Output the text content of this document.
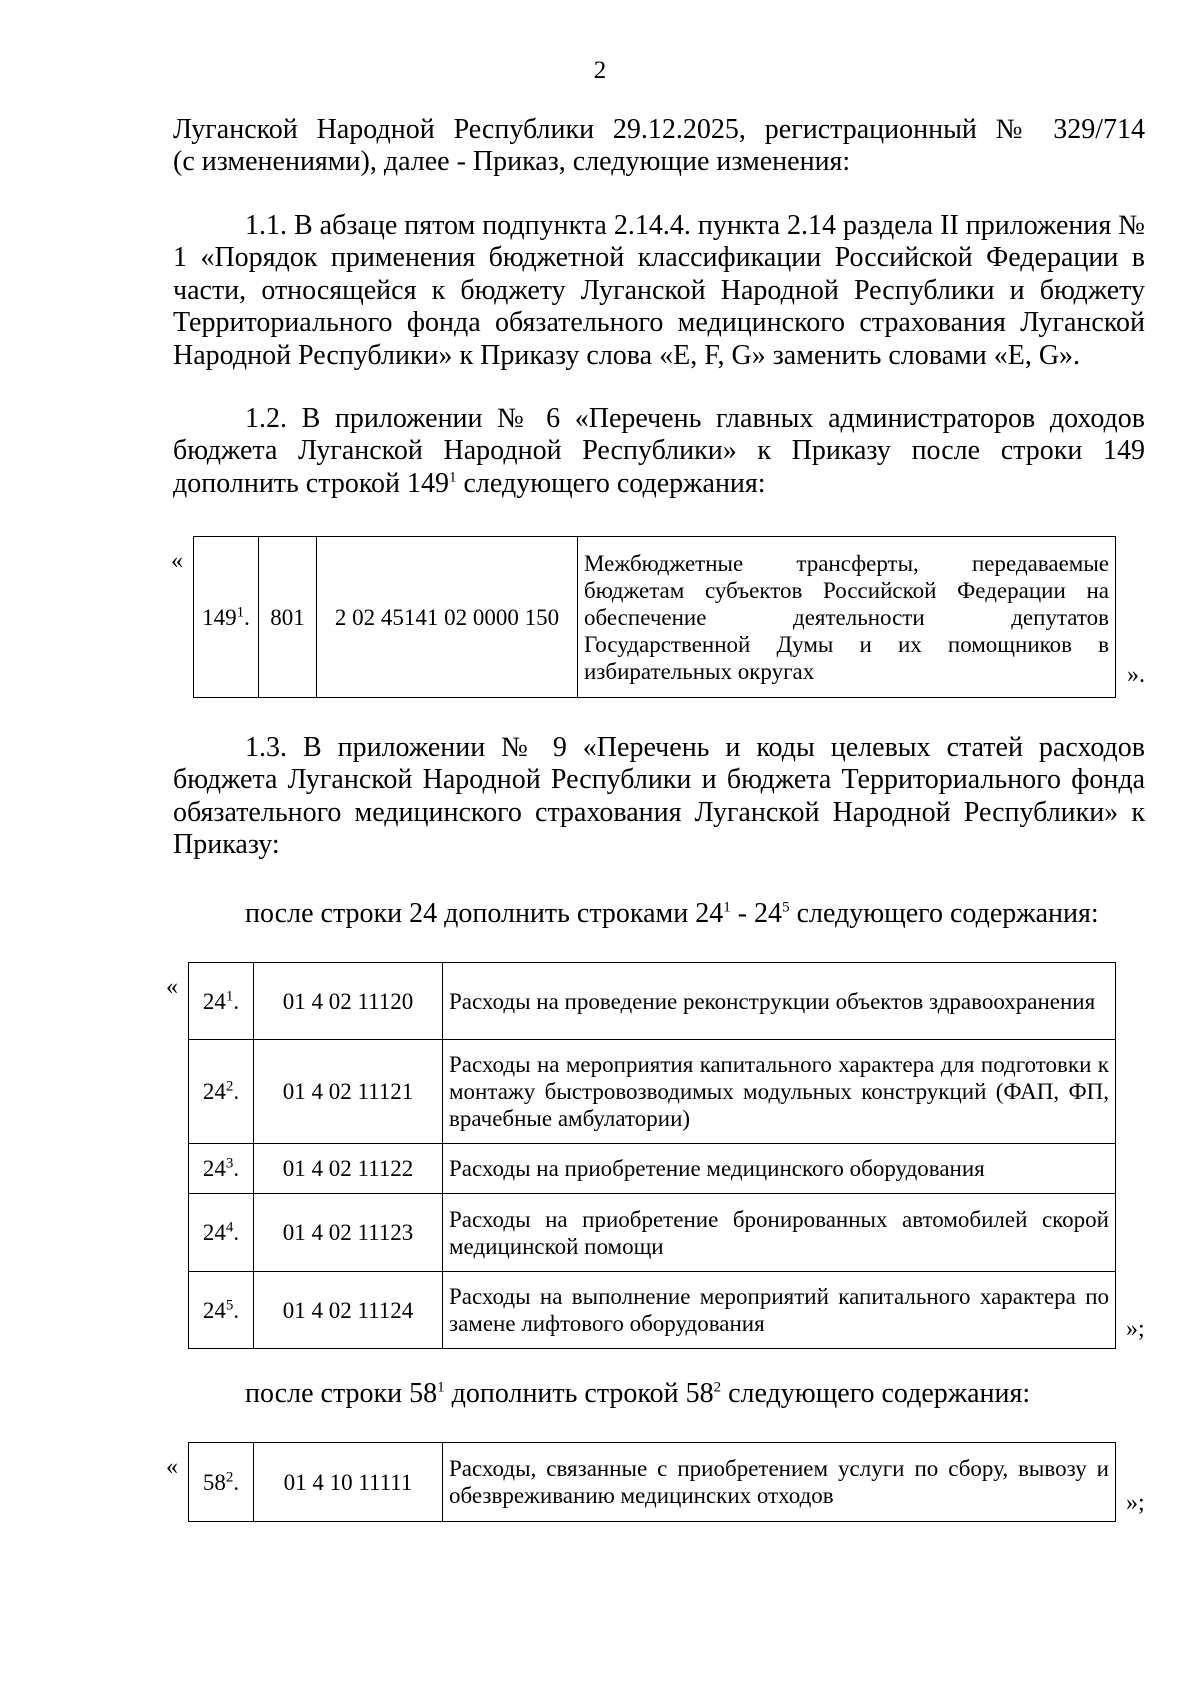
2
Луганской Народной Республики 29.12.2025, регистрационный № 329/714
(с изменениями), далее - Приказ, следующие изменения:
1.1. В абзаце пятом подпункта 2.14.4. пункта 2.14 раздела II приложения № 1 «Порядок применения бюджетной классификации Российской Федерации в части, относящейся к бюджету Луганской Народной Республики и бюджету Территориального фонда обязательного медицинского страхования Луганской Народной Республики» к Приказу слова «E, F, G» заменить словами «E, G».
1.2. В приложении № 6 «Перечень главных администраторов доходов бюджета Луганской Народной Республики» к Приказу после строки 149 дополнить строкой $149^1$ следующего содержания:
«
$149^1$.	801	2 02 45141 02 0000 150	Межбюджетные трансферты, передаваемые бюджетам субъектов Российской Федерации на обеспечение деятельности депутатов Государственной Думы и их помощников в избирательных округах	».
1.3. В приложении № 9 «Перечень и коды целевых статей расходов бюджета Луганской Народной Республики и бюджета Территориального фонда обязательного медицинского страхования Луганской Народной Республики» к Приказу:
после строки 24 дополнить строками $24^1 - 24^5$ следующего содержания:
«
$24^1$.	01 4 02 11120	Расходы на проведение реконструкции объектов здравоохранения
$24^2$.	01 4 02 11121	Расходы на мероприятия капитального характера для подготовки к монтажу быстровозводимых модульных конструкций (ФАП, ФП, врачебные амбулатории)
$24^3$.	01 4 02 11122	Расходы на приобретение медицинского оборудования
$24^4$.	01 4 02 11123	Расходы на приобретение бронированных автомобилей скорой медицинской помощи
$24^5$.	01 4 02 11124	Расходы на выполнение мероприятий капитального характера по замене лифтового оборудования	»;
после строки $58^1$ дополнить строкой $58^2$ следующего содержания:
«
$58^2$.	01 4 10 11111	Расходы, связанные с приобретением услуги по сбору, вывозу и обезвреживанию медицинских отходов	»;
